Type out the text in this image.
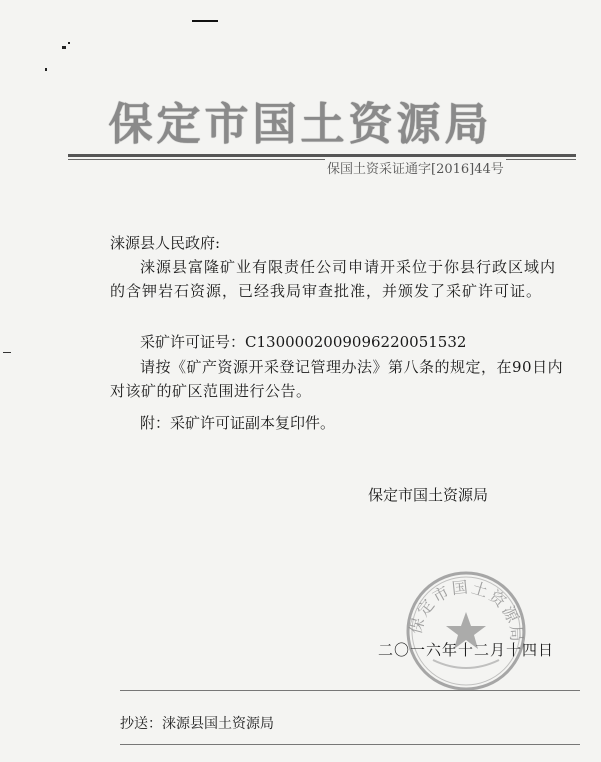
保定市国土资源局
保国土资采证通字[2016]44号
涞源县人民政府:
涞源县富隆矿业有限责任公司申请开采位于你县行政区域内的含钾岩石资源，已经我局审查批准，并颁发了采矿许可证。
采矿许可证号：C1300002009096220051532
请按《矿产资源开采登记管理办法》第八条的规定，在90日内对该矿的矿区范围进行公告。
附：采矿许可证副本复印件。
保定市国土资源局
保定市国土资源局
二〇一六年十二月十四日
抄送：涞源县国土资源局
